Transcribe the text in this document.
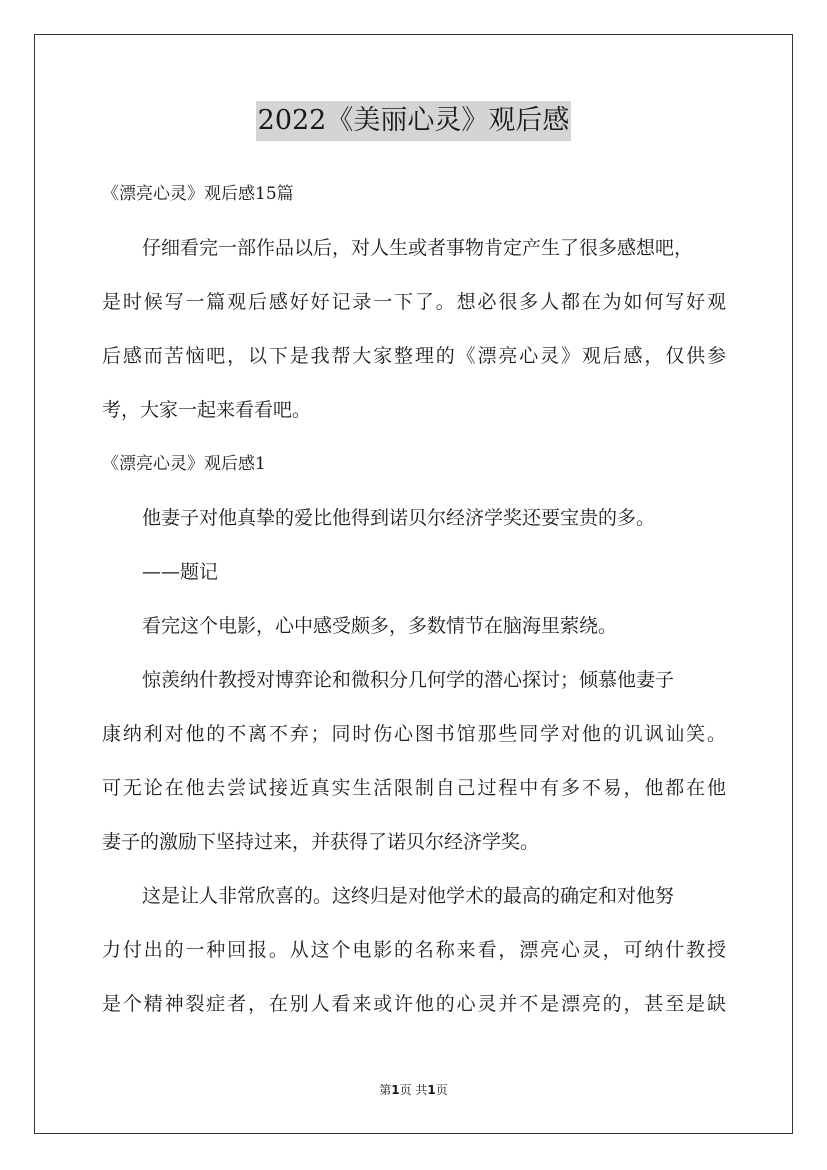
2022《美丽心灵》观后感
《漂亮心灵》观后感15篇
仔细看完一部作品以后，对人生或者事物肯定产生了很多感想吧，
是时候写一篇观后感好好记录一下了。想必很多人都在为如何写好观
后感而苦恼吧，以下是我帮大家整理的《漂亮心灵》观后感，仅供参
考，大家一起来看看吧。
《漂亮心灵》观后感1
他妻子对他真挚的爱比他得到诺贝尔经济学奖还要宝贵的多。
——题记
看完这个电影，心中感受颇多，多数情节在脑海里萦绕。
惊羡纳什教授对博弈论和微积分几何学的潜心探讨；倾慕他妻子
康纳利对他的不离不弃；同时伤心图书馆那些同学对他的讥讽讪笑。
可无论在他去尝试接近真实生活限制自己过程中有多不易，他都在他
妻子的激励下坚持过来，并获得了诺贝尔经济学奖。
这是让人非常欣喜的。这终归是对他学术的最高的确定和对他努
力付出的一种回报。从这个电影的名称来看，漂亮心灵，可纳什教授
是个精神裂症者，在别人看来或许他的心灵并不是漂亮的，甚至是缺
第1页 共1页
